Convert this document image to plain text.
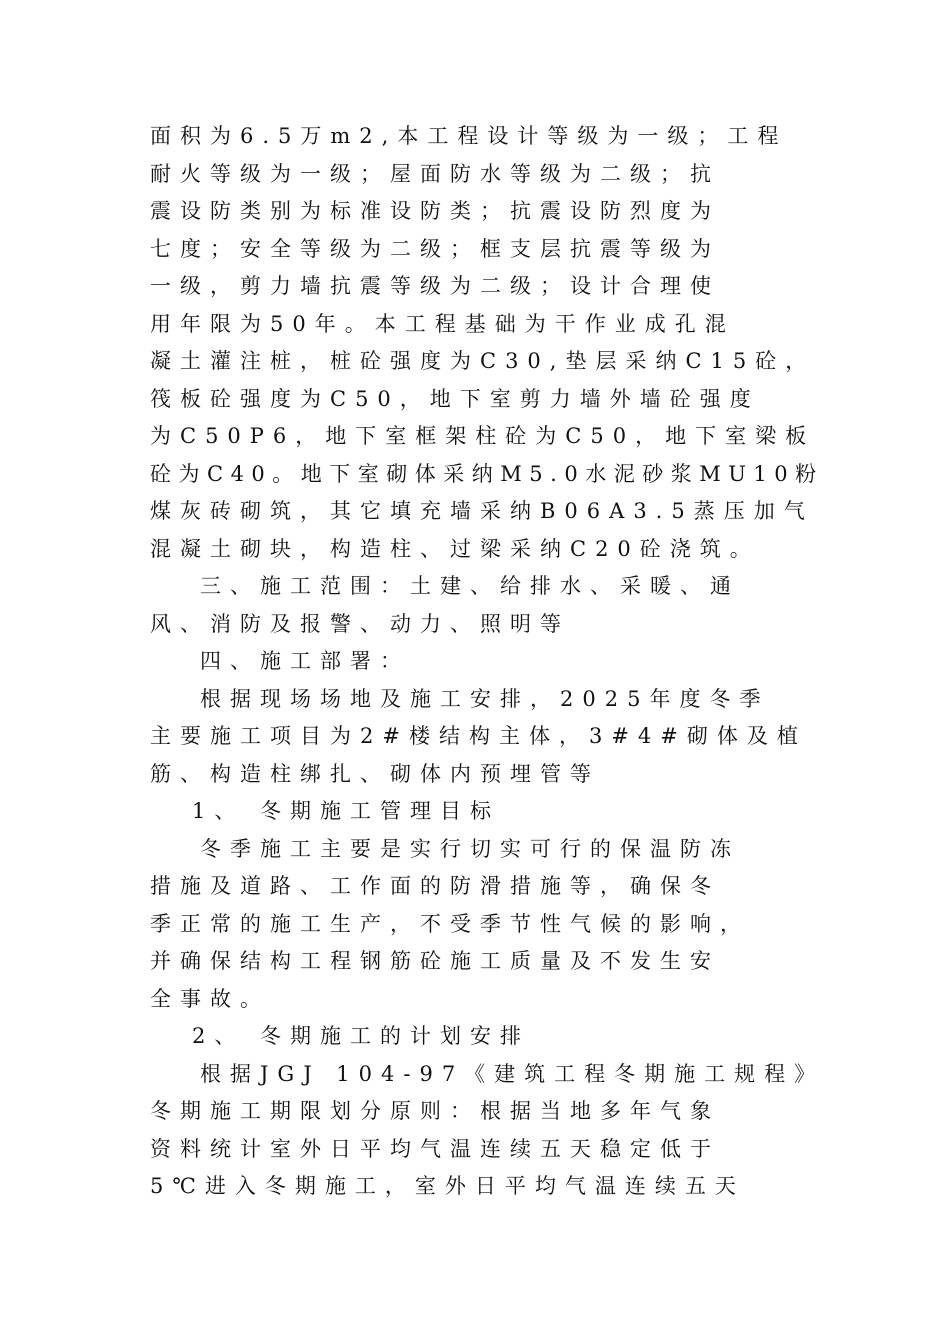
面积为6.5万m2,本工程设计等级为一级；工程
耐火等级为一级；屋面防水等级为二级；抗
震设防类别为标准设防类；抗震设防烈度为
七度；安全等级为二级；框支层抗震等级为
一级，剪力墙抗震等级为二级；设计合理使
用年限为50年。本工程基础为干作业成孔混
凝土灌注桩，桩砼强度为C30,垫层采纳C15砼，
筏板砼强度为C50，地下室剪力墙外墙砼强度
为C50P6，地下室框架柱砼为C50，地下室梁板
砼为C40。地下室砌体采纳M5.0水泥砂浆MU10粉
煤灰砖砌筑，其它填充墙采纳B06A3.5蒸压加气
混凝土砌块，构造柱、过梁采纳C20砼浇筑。
三、施工范围：土建、给排水、采暖、通
风、消防及报警、动力、照明等
四、施工部署：
根据现场场地及施工安排，2025年度冬季
主要施工项目为2#楼结构主体，3#4#砌体及植
筋、构造柱绑扎、砌体内预埋管等
1、 冬期施工管理目标
冬季施工主要是实行切实可行的保温防冻
措施及道路、工作面的防滑措施等，确保冬
季正常的施工生产，不受季节性气候的影响，
并确保结构工程钢筋砼施工质量及不发生安
全事故。
2、 冬期施工的计划安排
根据JGJ 104-97《建筑工程冬期施工规程》
冬期施工期限划分原则：根据当地多年气象
资料统计室外日平均气温连续五天稳定低于
5℃进入冬期施工，室外日平均气温连续五天
